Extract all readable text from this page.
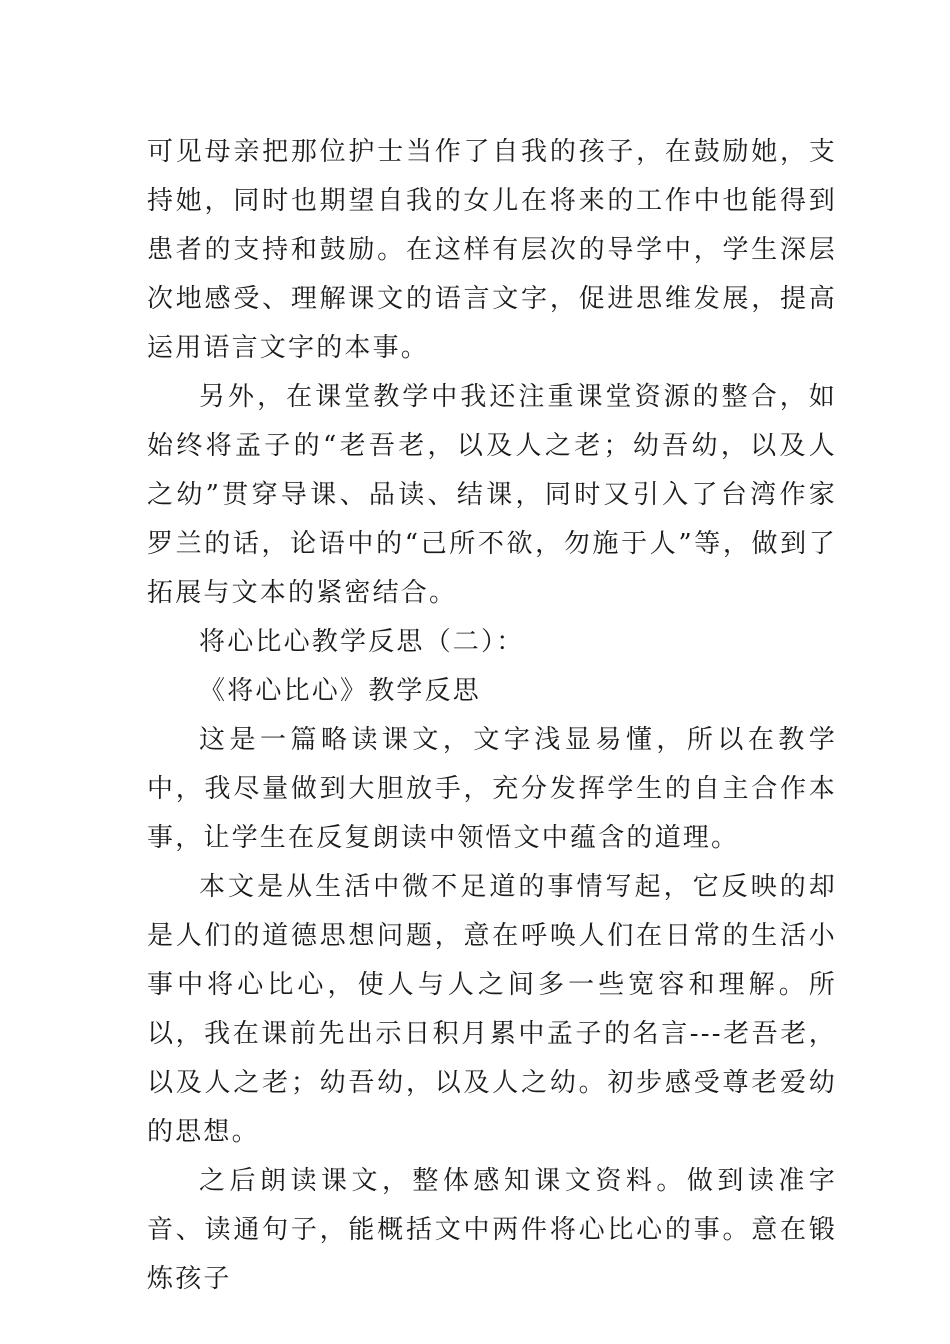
可见母亲把那位护士当作了自我的孩子，在鼓励她，支持她，同时也期望自我的女儿在将来的工作中也能得到患者的支持和鼓励。在这样有层次的导学中，学生深层次地感受、理解课文的语言文字，促进思维发展，提高运用语言文字的本事。

另外，在课堂教学中我还注重课堂资源的整合，如始终将孟子的“老吾老，以及人之老；幼吾幼，以及人之幼”贯穿导课、品读、结课，同时又引入了台湾作家罗兰的话，论语中的“己所不欲，勿施于人”等，做到了拓展与文本的紧密结合。

将心比心教学反思（二）：

《将心比心》教学反思

这是一篇略读课文，文字浅显易懂，所以在教学中，我尽量做到大胆放手，充分发挥学生的自主合作本事，让学生在反复朗读中领悟文中蕴含的道理。

本文是从生活中微不足道的事情写起，它反映的却是人们的道德思想问题，意在呼唤人们在日常的生活小事中将心比心，使人与人之间多一些宽容和理解。所以，我在课前先出示日积月累中孟子的名言---老吾老，以及人之老；幼吾幼，以及人之幼。初步感受尊老爱幼的思想。

之后朗读课文，整体感知课文资料。做到读准字音、读通句子，能概括文中两件将心比心的事。意在锻炼孩子
